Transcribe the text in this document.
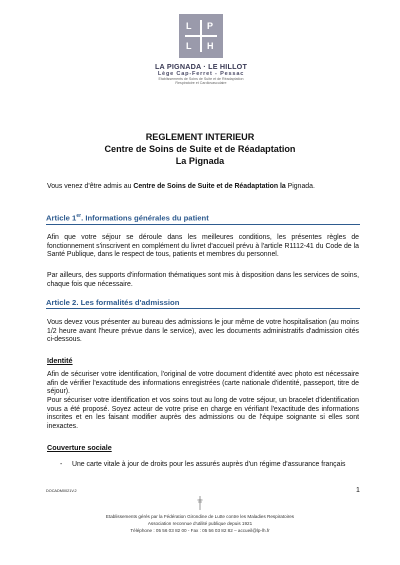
L P
L H
LA PIGNADA · LE HILLOT
Lège Cap-Ferret - Pessac
Etablissements de Soins de Suite et de Réadaptation
Respiratoire et Cardiovasculaire
REGLEMENT INTERIEUR
Centre de Soins de Suite et de Réadaptation
La Pignada

Vous venez d'être admis au Centre de Soins de Suite et de Réadaptation la Pignada.

Article 1er. Informations générales du patient

Afin que votre séjour se déroule dans les meilleures conditions, les présentes règles de fonctionnement s'inscrivent en complément du livret d'accueil prévu à l'article R1112-41 du Code de la Santé Publique, dans le respect de tous, patients et membres du personnel.

Par ailleurs, des supports d'information thématiques sont mis à disposition dans les services de soins, chaque fois que nécessaire.

Article 2. Les formalités d'admission

Vous devez vous présenter au bureau des admissions le jour même de votre hospitalisation (au moins 1/2 heure avant l'heure prévue dans le service), avec les documents administratifs d'admission cités ci-dessous.

Identité

Afin de sécuriser votre identification, l'original de votre document d'identité avec photo est nécessaire afin de vérifier l'exactitude des informations enregistrées (carte nationale d'identité, passeport, titre de séjour).

Pour sécuriser votre identification et vos soins tout au long de votre séjour, un bracelet d'identification vous a été proposé. Soyez acteur de votre prise en charge en vérifiant l'exactitude des informations inscrites et en les faisant modifier auprès des admissions ou de l'équipe soignante si elles sont inexactes.

Couverture sociale
- Une carte vitale à jour de droits pour les assurés auprès d'un régime d'assurance français
DOCADM0021V.2	1
Etablissements gérés par la Fédération Girondine de Lutte contre les Maladies Respiratoires
Association reconnue d'utilité publique depuis 1921
Téléphone : 05 56 03 82 00 - Fax : 05 56 03 82 82 – accueil@lp-lh.fr
